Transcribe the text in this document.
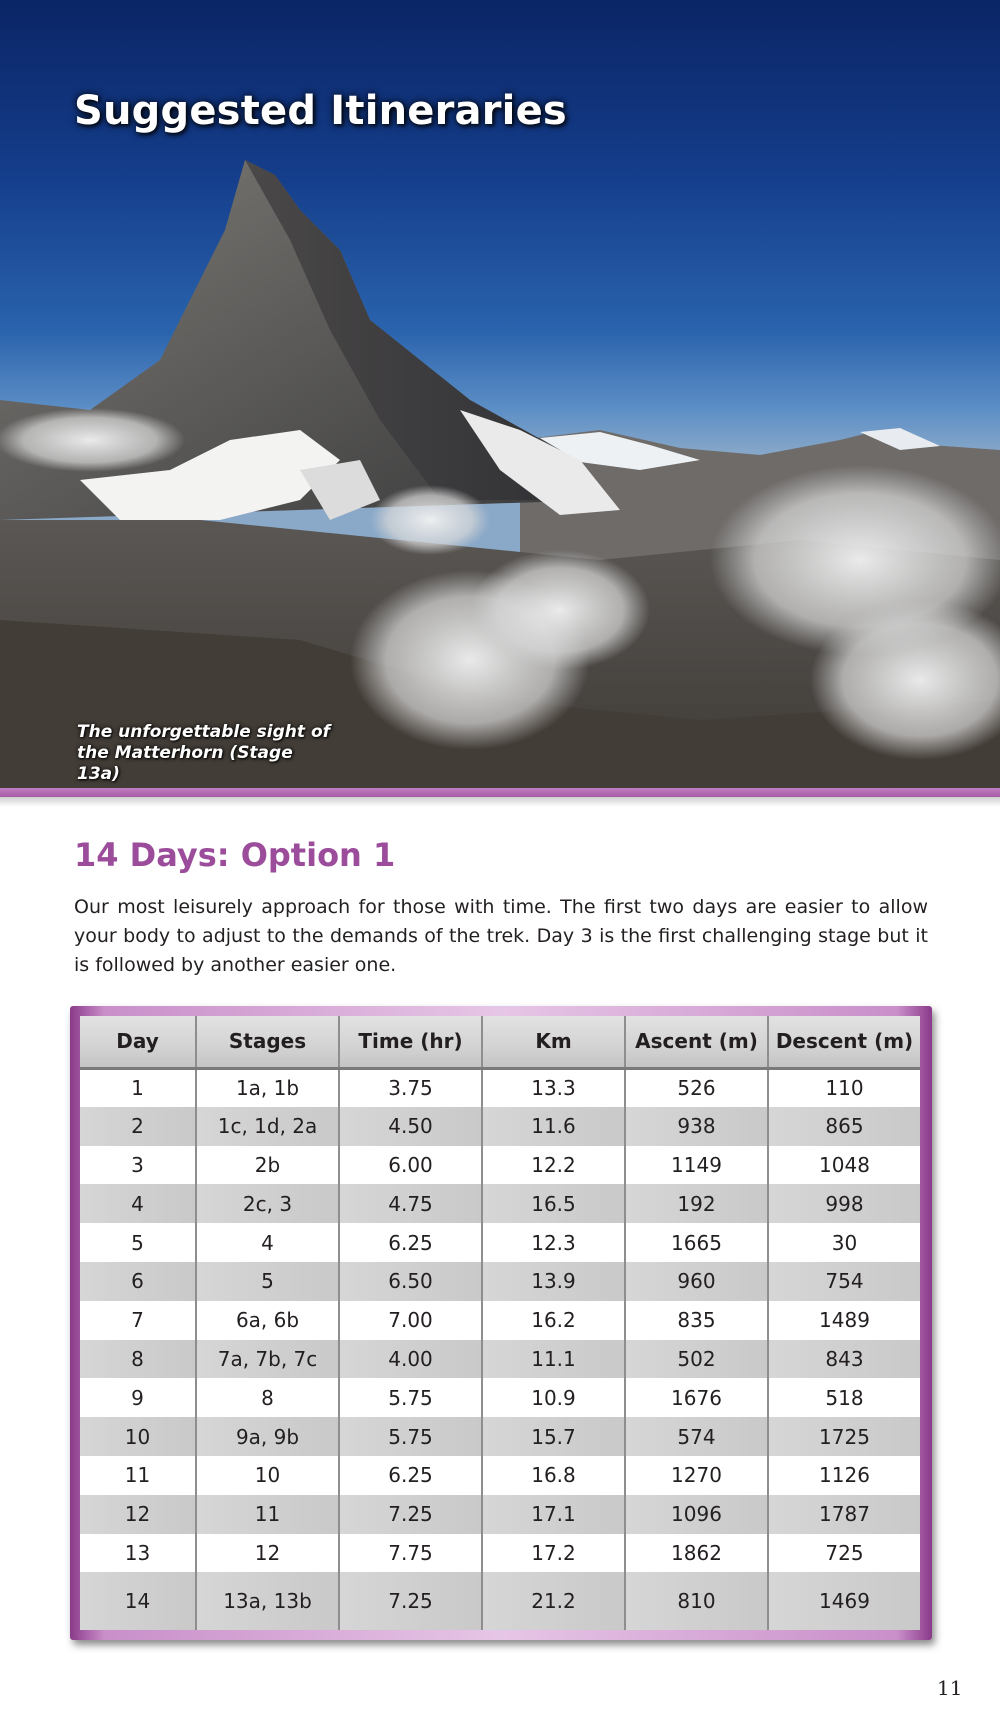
Suggested Itineraries
The unforgettable sight of the Matterhorn (Stage 13a)
14 Days: Option 1

Our most leisurely approach for those with time. The first two days are easier to allow your body to adjust to the demands of the trek. Day 3 is the first challenging stage but it is followed by another easier one.

Day	Stages	Time (hr)	Km	Ascent (m)	Descent (m)
1	1a, 1b	3.75	13.3	526	110
2	1c, 1d, 2a	4.50	11.6	938	865
3	2b	6.00	12.2	1149	1048
4	2c, 3	4.75	16.5	192	998
5	4	6.25	12.3	1665	30
6	5	6.50	13.9	960	754
7	6a, 6b	7.00	16.2	835	1489
8	7a, 7b, 7c	4.00	11.1	502	843
9	8	5.75	10.9	1676	518
10	9a, 9b	5.75	15.7	574	1725
11	10	6.25	16.8	1270	1126
12	11	7.25	17.1	1096	1787
13	12	7.75	17.2	1862	725
14	13a, 13b	7.25	21.2	810	1469
11
